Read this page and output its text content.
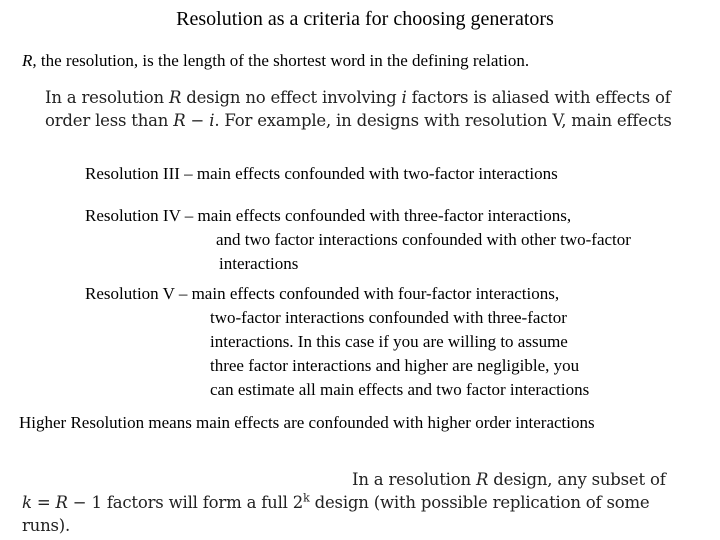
Resolution as a criteria for choosing generators
R, the resolution, is the length of the shortest word in the defining relation.
In a resolution R design no effect involving i factors is aliased with effects of
order less than R − i. For example, in designs with resolution V, main effects
Resolution III – main effects confounded with two-factor interactions
Resolution IV – main effects confounded with three-factor interactions,
and two factor interactions confounded with other two-factor
interactions
Resolution V – main effects confounded with four-factor interactions,
two-factor interactions confounded with three-factor
interactions. In this case if you are willing to assume
three factor interactions and higher are negligible, you
can estimate all main effects and two factor interactions
Higher Resolution means main effects are confounded with higher order interactions
In a resolution R design, any subset of
k = R − 1 factors will form a full 2$^k$ design (with possible replication of some
runs).
